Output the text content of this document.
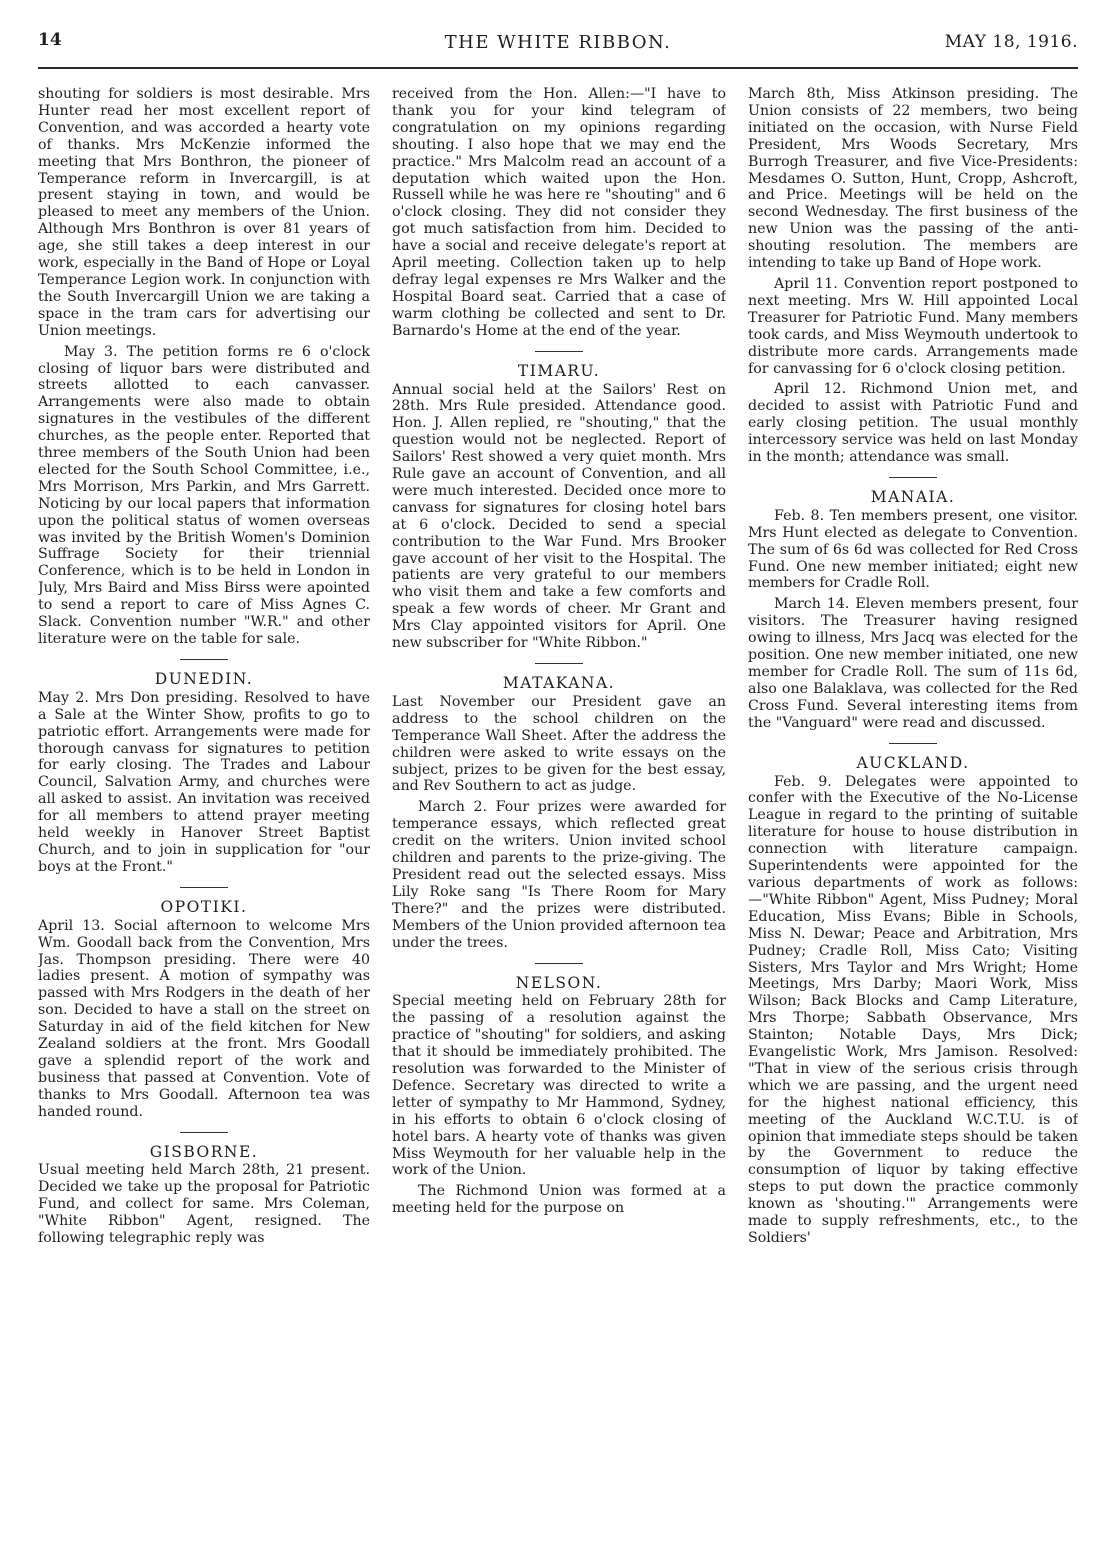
14	THE WHITE RIBBON.	MAY 18, 1916.

shouting for soldiers is most desirable. Mrs Hunter read her most excellent report of Convention, and was accorded a hearty vote of thanks. Mrs McKenzie informed the meeting that Mrs Bonthron, the pioneer of Temperance reform in Invercargill, is at present staying in town, and would be pleased to meet any members of the Union. Although Mrs Bonthron is over 81 years of age, she still takes a deep interest in our work, especially in the Band of Hope or Loyal Temperance Legion work. In conjunction with the South Invercargill Union we are taking a space in the tram cars for advertising our Union meetings.

May 3. The petition forms re 6 o'clock closing of liquor bars were distributed and streets allotted to each canvasser. Arrangements were also made to obtain signatures in the vestibules of the different churches, as the people enter. Reported that three members of the South Union had been elected for the South School Committee, i.e., Mrs Morrison, Mrs Parkin, and Mrs Garrett. Noticing by our local papers that information upon the political status of women overseas was invited by the British Women's Dominion Suffrage Society for their triennial Conference, which is to be held in London in July, Mrs Baird and Miss Birss were apointed to send a report to care of Miss Agnes C. Slack. Convention number "W.R." and other literature were on the table for sale.

DUNEDIN.

May 2. Mrs Don presiding. Resolved to have a Sale at the Winter Show, profits to go to patriotic effort. Arrangements were made for thorough canvass for signatures to petition for early closing. The Trades and Labour Council, Salvation Army, and churches were all asked to assist. An invitation was received for all members to attend prayer meeting held weekly in Hanover Street Baptist Church, and to join in supplication for "our boys at the Front."

OPOTIKI.

April 13. Social afternoon to welcome Mrs Wm. Goodall back from the Convention, Mrs Jas. Thompson presiding. There were 40 ladies present. A motion of sympathy was passed with Mrs Rodgers in the death of her son. Decided to have a stall on the street on Saturday in aid of the field kitchen for New Zealand soldiers at the front. Mrs Goodall gave a splendid report of the work and business that passed at Convention. Vote of thanks to Mrs Goodall. Afternoon tea was handed round.

GISBORNE.

Usual meeting held March 28th, 21 present. Decided we take up the proposal for Patriotic Fund, and collect for same. Mrs Coleman, "White Ribbon" Agent, resigned. The following telegraphic reply was

received from the Hon. Allen:—"I have to thank you for your kind telegram of congratulation on my opinions regarding shouting. I also hope that we may end the practice." Mrs Malcolm read an account of a deputation which waited upon the Hon. Russell while he was here re "shouting" and 6 o'clock closing. They did not consider they got much satisfaction from him. Decided to have a social and receive delegate's report at April meeting. Collection taken up to help defray legal expenses re Mrs Walker and the Hospital Board seat. Carried that a case of warm clothing be collected and sent to Dr. Barnardo's Home at the end of the year.

TIMARU.

Annual social held at the Sailors' Rest on 28th. Mrs Rule presided. Attendance good. Hon. J. Allen replied, re "shouting," that the question would not be neglected. Report of Sailors' Rest showed a very quiet month. Mrs Rule gave an account of Convention, and all were much interested. Decided once more to canvass for signatures for closing hotel bars at 6 o'clock. Decided to send a special contribution to the War Fund. Mrs Brooker gave account of her visit to the Hospital. The patients are very grateful to our members who visit them and take a few comforts and speak a few words of cheer. Mr Grant and Mrs Clay appointed visitors for April. One new subscriber for "White Ribbon."

MATAKANA.

Last November our President gave an address to the school children on the Temperance Wall Sheet. After the address the children were asked to write essays on the subject, prizes to be given for the best essay, and Rev Southern to act as judge.

March 2. Four prizes were awarded for temperance essays, which reflected great credit on the writers. Union invited school children and parents to the prize-giving. The President read out the selected essays. Miss Lily Roke sang "Is There Room for Mary There?" and the prizes were distributed. Members of the Union provided afternoon tea under the trees.

NELSON.

Special meeting held on February 28th for the passing of a resolution against the practice of "shouting" for soldiers, and asking that it should be immediately prohibited. The resolution was forwarded to the Minister of Defence. Secretary was directed to write a letter of sympathy to Mr Hammond, Sydney, in his efforts to obtain 6 o'clock closing of hotel bars. A hearty vote of thanks was given Miss Weymouth for her valuable help in the work of the Union.

The Richmond Union was formed at a meeting held for the purpose on

March 8th, Miss Atkinson presiding. The Union consists of 22 members, two being initiated on the occasion, with Nurse Field President, Mrs Woods Secretary, Mrs Burrogh Treasurer, and five Vice-Presidents: Mesdames O. Sutton, Hunt, Cropp, Ashcroft, and Price. Meetings will be held on the second Wednesday. The first business of the new Union was the passing of the anti-shouting resolution. The members are intending to take up Band of Hope work.

April 11. Convention report postponed to next meeting. Mrs W. Hill appointed Local Treasurer for Patriotic Fund. Many members took cards, and Miss Weymouth undertook to distribute more cards. Arrangements made for canvassing for 6 o'clock closing petition.

April 12. Richmond Union met, and decided to assist with Patriotic Fund and early closing petition. The usual monthly intercessory service was held on last Monday in the month; attendance was small.

MANAIA.

Feb. 8. Ten members present, one visitor. Mrs Hunt elected as delegate to Convention. The sum of 6s 6d was collected for Red Cross Fund. One new member initiated; eight new members for Cradle Roll.

March 14. Eleven members present, four visitors. The Treasurer having resigned owing to illness, Mrs Jacq was elected for the position. One new member initiated, one new member for Cradle Roll. The sum of 11s 6d, also one Balaklava, was collected for the Red Cross Fund. Several interesting items from the "Vanguard" were read and discussed.

AUCKLAND.

Feb. 9. Delegates were appointed to confer with the Executive of the No-License League in regard to the printing of suitable literature for house to house distribution in connection with literature campaign. Superintendents were appointed for the various departments of work as follows:—"White Ribbon" Agent, Miss Pudney; Moral Education, Miss Evans; Bible in Schools, Miss N. Dewar; Peace and Arbitration, Mrs Pudney; Cradle Roll, Miss Cato; Visiting Sisters, Mrs Taylor and Mrs Wright; Home Meetings, Mrs Darby; Maori Work, Miss Wilson; Back Blocks and Camp Literature, Mrs Thorpe; Sabbath Observance, Mrs Stainton; Notable Days, Mrs Dick; Evangelistic Work, Mrs Jamison. Resolved: "That in view of the serious crisis through which we are passing, and the urgent need for the highest national efficiency, this meeting of the Auckland W.C.T.U. is of opinion that immediate steps should be taken by the Government to reduce the consumption of liquor by taking effective steps to put down the practice commonly known as 'shouting.'" Arrangements were made to supply refreshments, etc., to the Soldiers'
